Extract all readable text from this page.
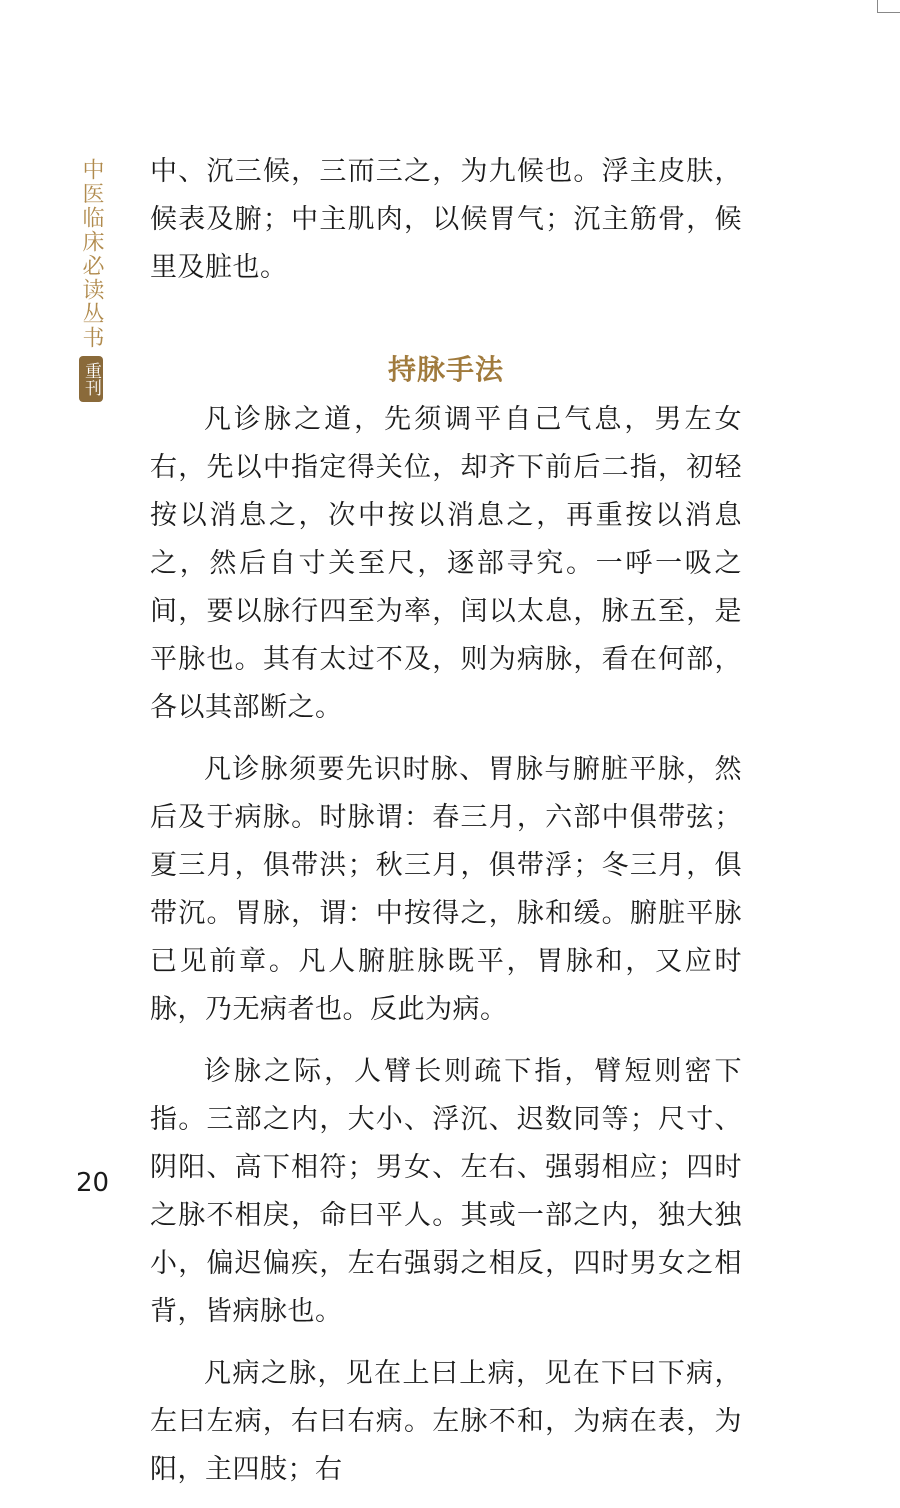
中医临床必读丛书
重刊

中、沉三候，三而三之，为九候也。浮主皮肤，候表及腑；中主肌肉，以候胃气；沉主筋骨，候里及脏也。

持脉手法

凡诊脉之道，先须调平自己气息，男左女右，先以中指定得关位，却齐下前后二指，初轻按以消息之，次中按以消息之，再重按以消息之，然后自寸关至尺，逐部寻究。一呼一吸之间，要以脉行四至为率，闰以太息，脉五至，是平脉也。其有太过不及，则为病脉，看在何部，各以其部断之。

凡诊脉须要先识时脉、胃脉与腑脏平脉，然后及于病脉。时脉谓：春三月，六部中俱带弦；夏三月，俱带洪；秋三月，俱带浮；冬三月，俱带沉。胃脉，谓：中按得之，脉和缓。腑脏平脉已见前章。凡人腑脏脉既平，胃脉和，又应时脉，乃无病者也。反此为病。

诊脉之际，人臂长则疏下指，臂短则密下指。三部之内，大小、浮沉、迟数同等；尺寸、阴阳、高下相符；男女、左右、强弱相应；四时之脉不相戾，命曰平人。其或一部之内，独大独小，偏迟偏疾，左右强弱之相反，四时男女之相背，皆病脉也。

凡病之脉，见在上曰上病，见在下曰下病，左曰左病，右曰右病。左脉不和，为病在表，为阳，主四肢；右

20
